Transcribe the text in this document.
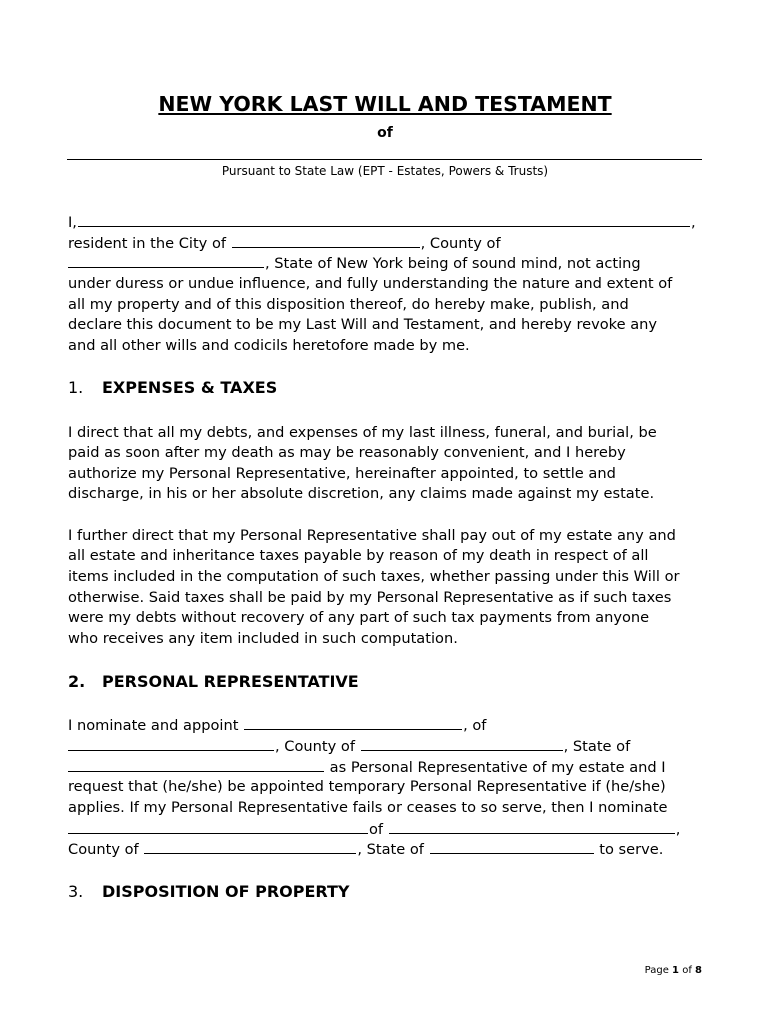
NEW YORK LAST WILL AND TESTAMENT
of
Pursuant to State Law (EPT - Estates, Powers & Trusts)
I,	,
resident in the City of	, County of
, State of New York being of sound mind, not acting
under duress or undue influence, and fully understanding the nature and extent of
all my property and of this disposition thereof, do hereby make, publish, and
declare this document to be my Last Will and Testament, and hereby revoke any
and all other wills and codicils heretofore made by me.
1. EXPENSES & TAXES
I direct that all my debts, and expenses of my last illness, funeral, and burial, be
paid as soon after my death as may be reasonably convenient, and I hereby
authorize my Personal Representative, hereinafter appointed, to settle and
discharge, in his or her absolute discretion, any claims made against my estate.
I further direct that my Personal Representative shall pay out of my estate any and
all estate and inheritance taxes payable by reason of my death in respect of all
items included in the computation of such taxes, whether passing under this Will or
otherwise. Said taxes shall be paid by my Personal Representative as if such taxes
were my debts without recovery of any part of such tax payments from anyone
who receives any item included in such computation.
2. PERSONAL REPRESENTATIVE
I nominate and appoint	, of
, County of	, State of
as Personal Representative of my estate and I
request that (he/she) be appointed temporary Personal Representative if (he/she)
applies. If my Personal Representative fails or ceases to so serve, then I nominate
of	,
County of	, State of	to serve.
3. DISPOSITION OF PROPERTY
Page 1 of 8
